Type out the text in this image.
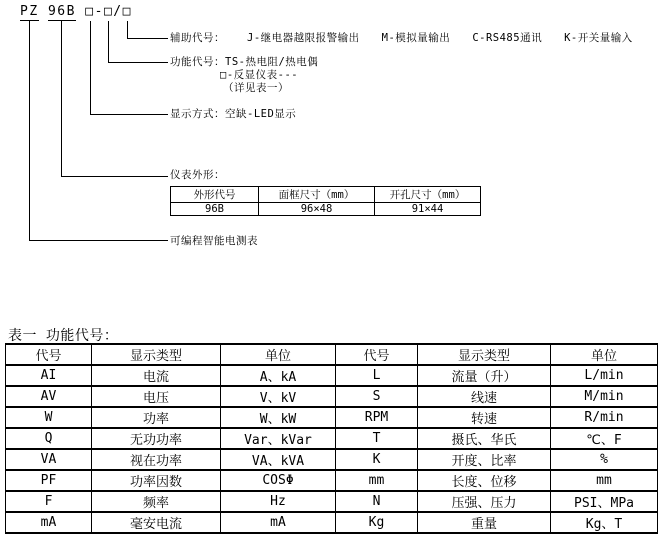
PZ 96B □-□/□
辅助代号： J-继电器越限报警输出 M-模拟量输出 C-RS485通讯 K-开关量输入
功能代号：TS-热电阻/热电偶
□-反显仪表---
（详见表一）
显示方式：空缺-LED显示
仪表外形：
外形代号	面框尺寸（mm）	开孔尺寸（mm）
96B	96×48	91×44
可编程智能电测表
表一 功能代号：
代号	显示类型	单位	代号	显示类型	单位
AI	电流	A、kA	L	流量（升）	L/min
AV	电压	V、kV	S	线速	M/min
W	功率	W、kW	RPM	转速	R/min
Q	无功功率	Var、kVar	T	摄氏、华氏	℃、F
VA	视在功率	VA、kVA	K	开度、比率	%
PF	功率因数	COSΦ	mm	长度、位移	mm
F	频率	Hz	N	压强、压力	PSI、MPa
mA	毫安电流	mA	Kg	重量	Kg、T
